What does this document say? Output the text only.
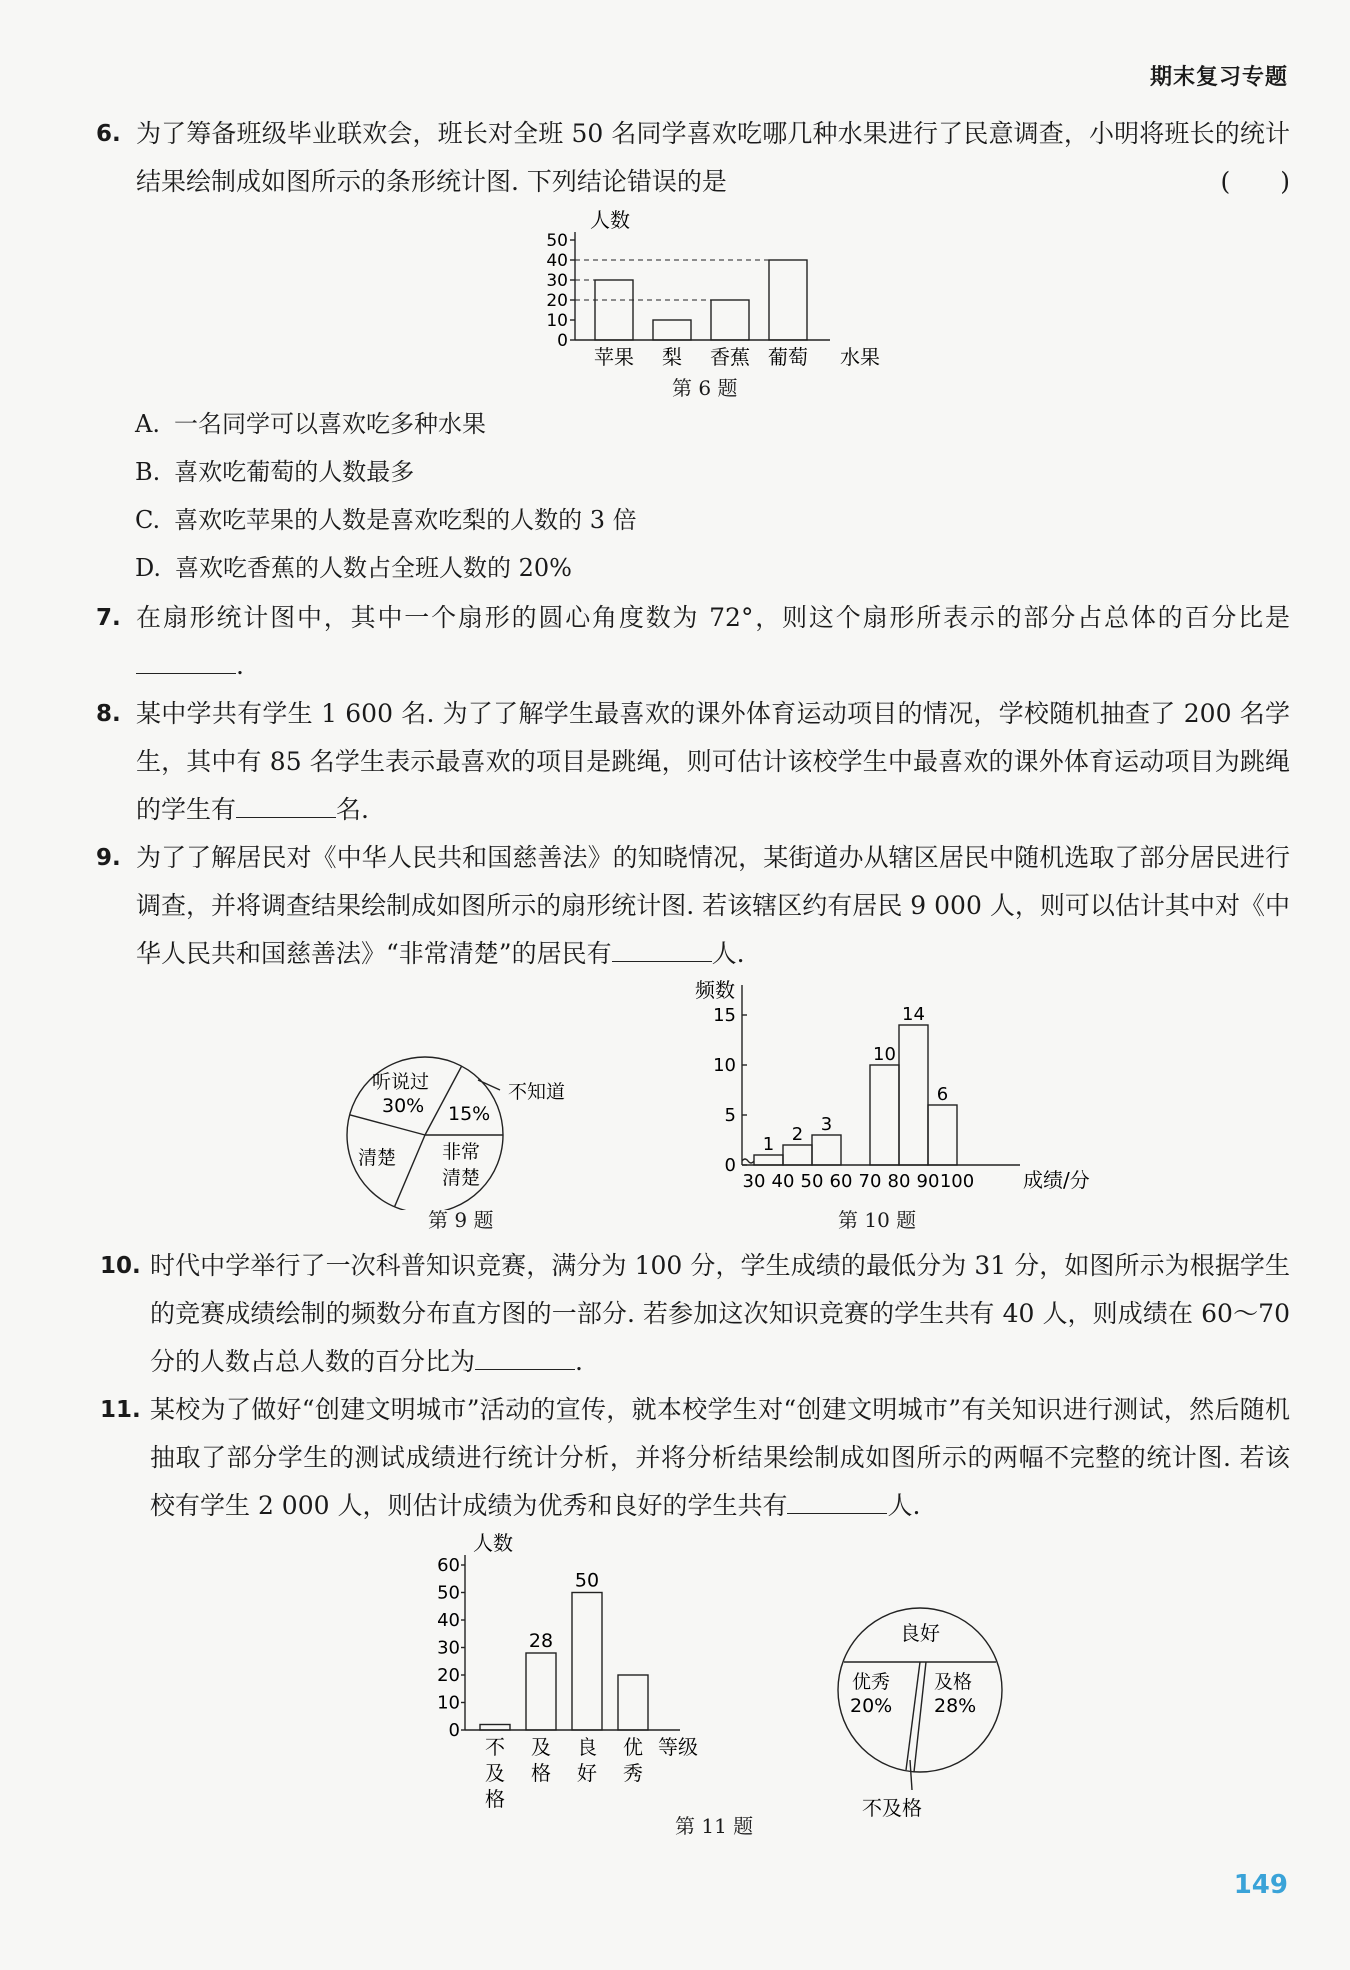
期末复习专题
6. 为了筹备班级毕业联欢会，班长对全班 50 名同学喜欢吃哪几种水果进行了民意调查，小明将班长的统计结果绘制成如图所示的条形统计图. 下列结论错误的是	(　　)
人数
0
10
20
30
40
50
苹果 梨 香蕉 葡萄 水果
第 6 题
A. 一名同学可以喜欢吃多种水果
B. 喜欢吃葡萄的人数最多
C. 喜欢吃苹果的人数是喜欢吃梨的人数的 3 倍
D. 喜欢吃香蕉的人数占全班人数的 20%
7. 在扇形统计图中，其中一个扇形的圆心角度数为 72°，则这个扇形所表示的部分占总体的百分比是.
8. 某中学共有学生 1 600 名. 为了了解学生最喜欢的课外体育运动项目的情况，学校随机抽查了 200 名学生，其中有 85 名学生表示最喜欢的项目是跳绳，则可估计该校学生中最喜欢的课外体育运动项目为跳绳的学生有	名.
9. 为了了解居民对《中华人民共和国慈善法》的知晓情况，某街道办从辖区居民中随机选取了部分居民进行调查，并将调查结果绘制成如图所示的扇形统计图. 若该辖区约有居民 9 000 人，则可以估计其中对《中华人民共和国慈善法》“非常清楚”的居民有	人.
听说过
30%
不知道
15%
非常
清楚
清楚
第 9 题
频数
0
5
10
15
1 2 3
10
14
6
30 40 50 60 70 80 90 100 成绩/分
第 10 题
10. 时代中学举行了一次科普知识竞赛，满分为 100 分，学生成绩的最低分为 31 分，如图所示为根据学生的竞赛成绩绘制的频数分布直方图的一部分. 若参加这次知识竞赛的学生共有 40 人，则成绩在 60～70 分的人数占总人数的百分比为	.
11. 某校为了做好“创建文明城市”活动的宣传，就本校学生对“创建文明城市”有关知识进行测试，然后随机抽取了部分学生的测试成绩进行统计分析，并将分析结果绘制成如图所示的两幅不完整的统计图. 若该校有学生 2 000 人，则估计成绩为优秀和良好的学生共有	人.
人数
0
10
20
30
40
50
60
不
及
格
28
及
格
50
良
好
优
秀
等级
良好
优秀
20%
及格
28%
不及格
第 11 题
149
